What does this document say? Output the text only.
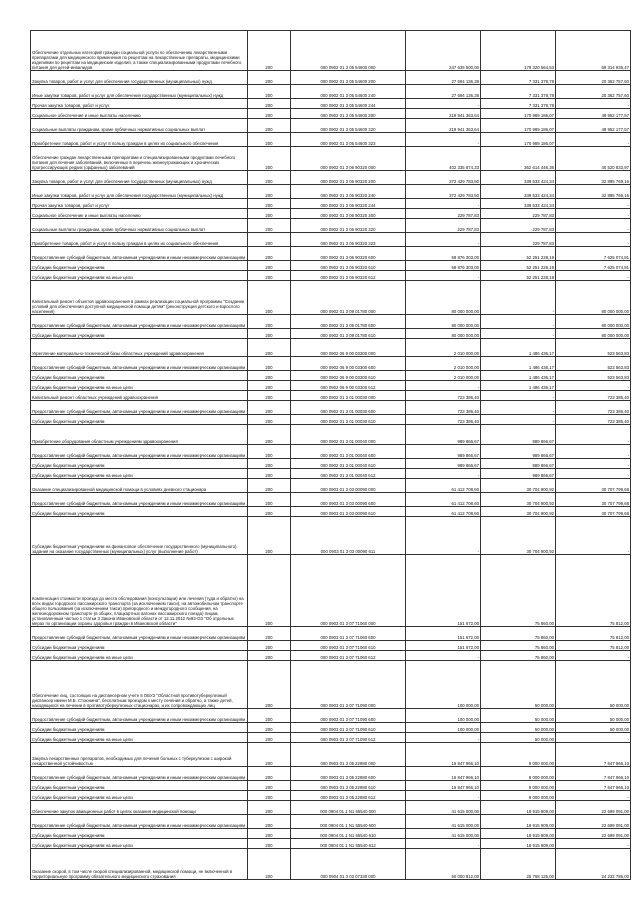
Обеспечение отдельных категорий граждан социальной услуги по обеспечению лекарственными препаратами для медицинского применения по рецептам на лекарственные препараты, медицинскими изделиями по рецептам на медицинские изделия, а также специализированными продуктами лечебного питания для детей-инвалидов	200	000 0902 01 3 05 54600 000	247 635 500,00	178 320 564,53	69 314 935,47
Закупка товаров, работ и услуг для обеспечения государственных (муниципальных) нужд	200	000 0902 01 3 05 54600 200	27 694 136,38	7 331 378,78	20 362 757,60
Иные закупки товаров, работ и услуг для обеспечения государственных (муниципальных) нужд	200	000 0902 01 3 05 54600 240	27 694 136,38	7 331 378,78	20 362 757,60
Прочая закупка товаров, работ и услуг	200	000 0902 01 3 05 54600 244	-	7 331 378,78	-
Социальное обеспечение и иные выплаты населению	200	000 0902 01 3 05 54600 300	219 941 363,64	170 989 186,07	48 952 177,57
Социальные выплаты гражданам, кроме публичных нормативных социальных выплат	200	000 0902 01 3 05 54600 320	219 941 363,64	170 989 186,07	48 952 177,57
Приобретение товаров, работ и услуг в пользу граждан в целях их социального обеспечения	200	000 0902 01 3 05 54600 323	-	170 989 186,07	-
Обеспечение граждан лекарственными препаратами и специализированными продуктами лечебного питания для лечения заболеваний, включенных в перечень жизнеугрожающих и хронических прогрессирующих редких (орфанных) заболеваний	200	000 0902 01 3 06 90320 000	402 335 874,33	362 614 446,36	40 520 833,97
Закупка товаров, работ и услуг для обеспечения государственных (муниципальных) нужд	200	000 0902 01 3 06 90320 200	372 429 783,50	339 533 424,34	32 895 769,16
Иные закупки товаров, работ и услуг для обеспечения государственных (муниципальных) нужд	200	000 0902 01 3 06 90320 240	372 429 783,50	339 533 424,34	32 895 769,16
Прочая закупка товаров, работ и услуг	200	000 0902 01 3 06 90320 244	-	339 533 424,34	-
Социальное обеспечение и иные выплаты населению	200	000 0902 01 3 06 90320 300	229 787,83	229 787,83	-
Социальные выплаты гражданам, кроме публичных нормативных социальных выплат	200	000 0902 01 3 06 90320 320	229 787,83	229 787,83	-
Приобретение товаров, работ и услуг в пользу граждан в целях их социального обеспечения	200	000 0902 01 3 06 90320 323	-	229 787,83	-
Предоставление субсидий бюджетным, автономным учреждениям и иным некоммерческим организациям	200	000 0902 01 3 06 90320 600	59 876 303,00	52 251 228,19	7 625 074,81
Субсидии бюджетным учреждениям	200	000 0902 01 3 06 90320 610	59 876 303,00	52 251 228,19	7 625 074,81
Субсидии бюджетным учреждениям на иные цели	200	000 0902 01 3 06 90320 612	-	52 251 228,19	-
Капитальный ремонт объектов здравоохранения в рамках реализации социальной программы "Создание условий для обеспечения доступной медицинской помощи детям" (реконструкция детского и взрослого населения)	200	000 0902 01 3 09 01780 000	80 000 000,00	-	80 000 000,00
Предоставление субсидий бюджетным, автономным учреждениям и иным некоммерческим организациям	200	000 0902 01 3 09 01780 600	80 000 000,00	-	80 000 000,00
Субсидии бюджетным учреждениям	200	000 0902 01 3 09 01780 610	80 000 000,00	-	80 000 000,00
Укрепление материально-технической базы областных учреждений здравоохранения	200	000 0902 06 9 00 03300 000	2 010 000,00	1 486 436,17	523 563,83
Предоставление субсидий бюджетным, автономным учреждениям и иным некоммерческим организациям	200	000 0902 06 9 00 03300 600	2 010 000,00	1 486 436,17	523 563,83
Субсидии бюджетным учреждениям	200	000 0902 06 9 00 03300 610	2 010 000,00	1 486 436,17	523 563,83
Субсидии бюджетным учреждениям на иные цели	200	000 0902 06 9 00 03300 612	-	1 486 436,17	-
Капитальный ремонт областных учреждений здравоохранения	200	000 0902 01 3 01 00030 000	723 386,40	-	723 386,40
Предоставление субсидий бюджетным, автономным учреждениям и иным некоммерческим организациям	200	000 0902 01 3 01 00030 600	723 386,40	-	723 386,40
Субсидии бюджетным учреждениям	200	000 0902 01 3 01 00030 610	723 386,40	-	723 386,40
Приобретение оборудования областным учреждениям здравоохранения	200	000 0902 01 3 01 00040 000	989 866,67	989 866,67	-
Предоставление субсидий бюджетным, автономным учреждениям и иным некоммерческим организациям	200	000 0902 01 3 01 00040 600	989 866,67	989 866,67	-
Субсидии бюджетным учреждениям	200	000 0902 01 3 01 00040 610	989 866,67	989 866,67	-
Субсидии бюджетным учреждениям на иные цели	200	000 0902 01 3 01 00040 612	-	989 866,67	-
Оказание специализированной медицинской помощи в условиях дневного стационара	200	000 0903 01 3 03 00090 000	61 412 708,60	30 704 900,92	30 707 799,68
Предоставление субсидий бюджетным, автономным учреждениям и иным некоммерческим организациям	200	000 0903 01 3 03 00090 600	61 412 708,60	30 704 900,92	30 707 799,68
Субсидии бюджетным учреждениям	200	000 0903 01 3 03 00090 610	61 412 708,60	30 704 900,92	30 707 799,68
Субсидии бюджетным учреждениям на финансовое обеспечение государственного (муниципального) задания на оказание государственных (муниципальных) услуг (выполнение работ)	200	000 0903 01 3 03 00090 611	-	30 704 900,92	-
Компенсация стоимости проезда до места обследования (консультации) или лечения (туда и обратно) на всех видах городского пассажирского транспорта (за исключением такси), на автомобильном транспорте общего пользования (за исключением такси) пригородного и междугородного сообщения, на железнодорожном транспорте (в общих, плацкартных вагонах пассажирского поезда) лицам, установленным частью 1 статьи 3 Закона Ивановской области от 12.11.2012 №93-ОЗ "Об отдельных мерах по организации охраны здоровья граждан в Ивановской области"	200	000 0903 01 3 07 71060 000	151 672,00	75 860,00	75 812,00
Предоставление субсидий бюджетным, автономным учреждениям и иным некоммерческим организациям	200	000 0903 01 3 07 71060 600	151 672,00	75 860,00	75 812,00
Субсидии бюджетным учреждениям	200	000 0903 01 3 07 71060 610	151 672,00	75 860,00	75 812,00
Субсидии бюджетным учреждениям на иные цели	200	000 0903 01 3 07 71060 612	-	75 860,00	-
Обеспечение лиц, состоящих на диспансерном учете в ОБУЗ "Областной противотуберкулезный диспансер имени М.Б. Стоюнина", бесплатным проездом к месту лечения и обратно, а также детей, находящихся на лечении в противотуберкулезных стационарах, и их сопровождающих лиц	200	000 0903 01 3 07 71090 000	100 000,00	50 000,00	50 000,00
Предоставление субсидий бюджетным, автономным учреждениям и иным некоммерческим организациям	200	000 0903 01 3 07 71090 600	100 000,00	50 000,00	50 000,00
Субсидии бюджетным учреждениям	200	000 0903 01 3 07 71090 610	100 000,00	50 000,00	50 000,00
Субсидии бюджетным учреждениям на иные цели	200	000 0903 01 3 07 71090 612	-	50 000,00	-
Закупка лекарственных препаратов, необходимых для лечения больных с туберкулезом с широкой лекарственной устойчивостью	200	000 0903 01 3 05 22880 000	15 847 966,10	8 000 000,00	7 847 966,10
Предоставление субсидий бюджетным, автономным учреждениям и иным некоммерческим организациям	200	000 0903 01 3 05 22880 600	15 847 966,10	8 000 000,00	7 847 966,10
Субсидии бюджетным учреждениям	200	000 0903 01 3 05 22880 610	15 847 966,10	8 000 000,00	7 847 966,10
Субсидии бюджетным учреждениям на иные цели	200	000 0903 01 3 05 22880 612	-	8 000 000,00	-
Обеспечение закупок авиационных работ в целях оказания медицинской помощи	200	000 0904 01 1 N1 55540 000	41 615 000,00	18 915 909,00	22 699 091,00
Предоставление субсидий бюджетным, автономным учреждениям и иным некоммерческим организациям	200	000 0904 01 1 N1 55540 600	41 615 000,00	18 915 909,00	22 699 091,00
Субсидии бюджетным учреждениям	200	000 0904 01 1 N1 55540 610	41 615 000,00	18 915 909,00	22 699 091,00
Субсидии бюджетным учреждениям на иные цели	200	000 0904 01 1 N1 55540 612	-	18 915 909,00	-
Оказание скорой, в том числе скорой специализированной, медицинской помощи, не включенной в территориальную программу обязательного медицинского страхования	200	000 0904 01 3 03 07330 000	50 000 912,00	25 768 125,00	24 232 786,00
